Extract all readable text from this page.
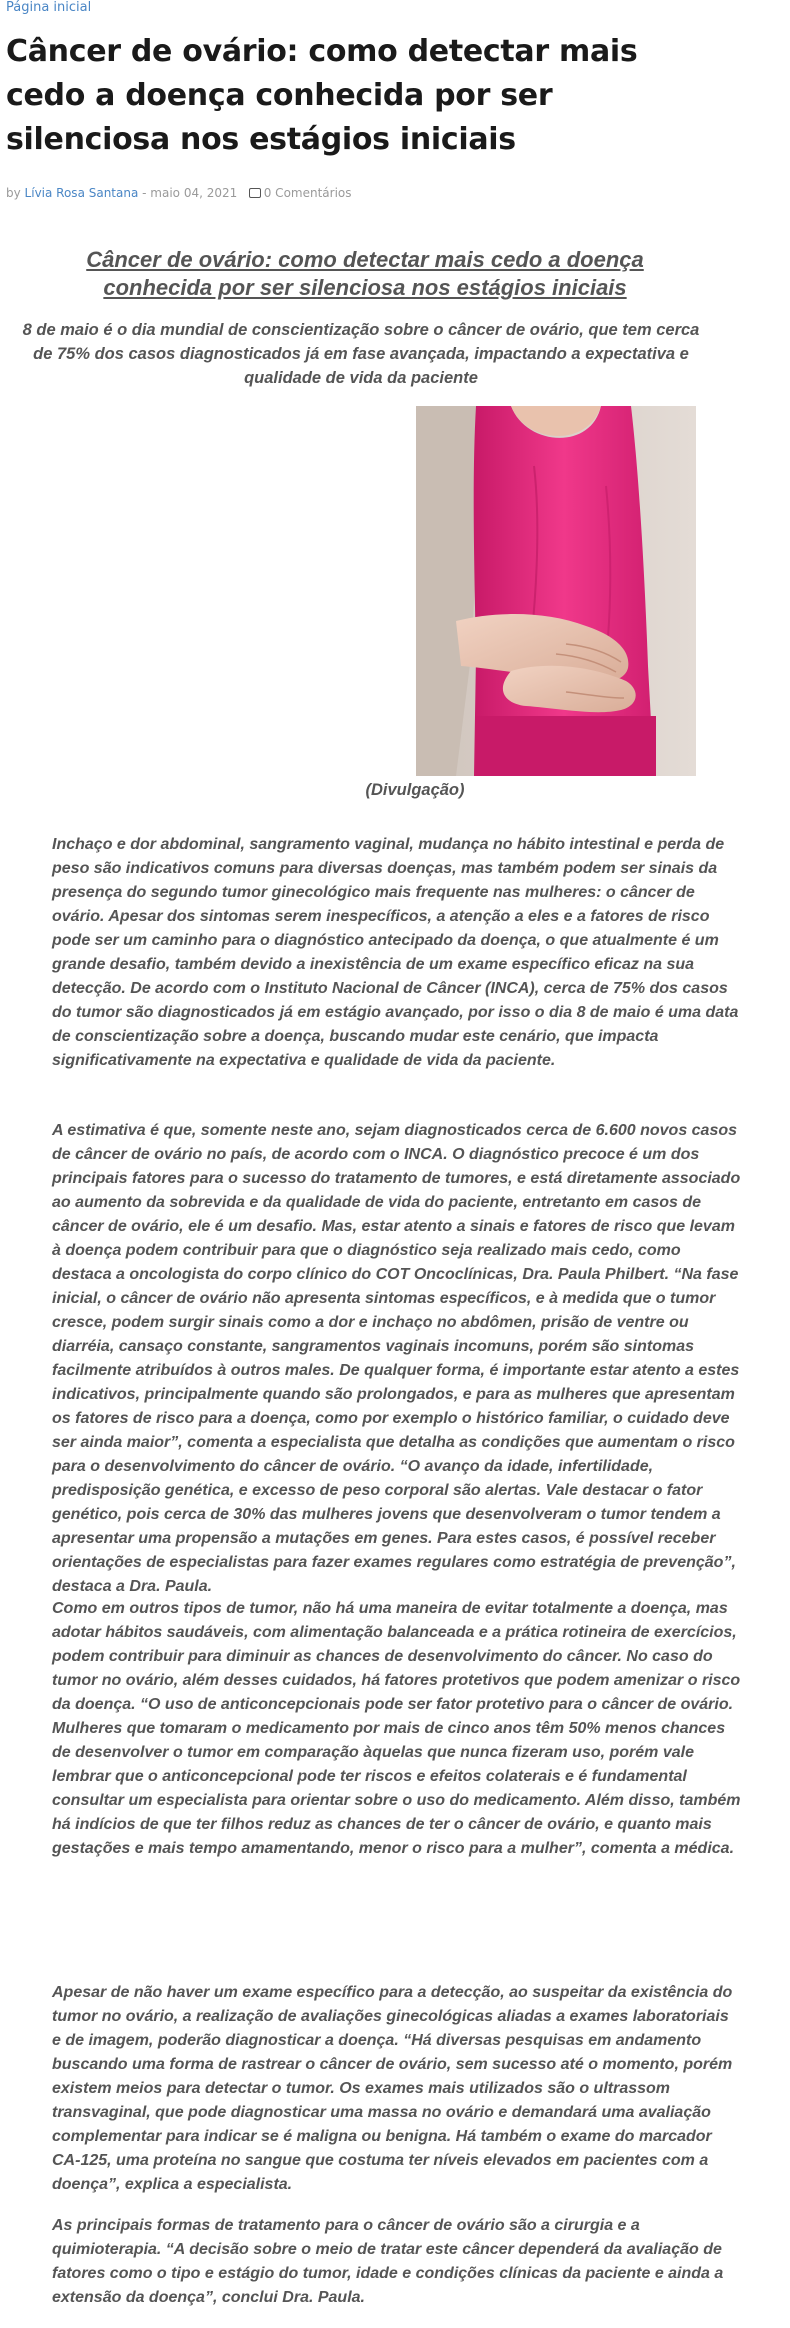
Página inicial
Câncer de ovário: como detectar mais cedo a doença conhecida por ser silenciosa nos estágios iniciais
by Lívia Rosa Santana - maio 04, 2021 0 Comentários
Câncer de ovário: como detectar mais cedo a doença conhecida por ser silenciosa nos estágios iniciais

8 de maio é o dia mundial de conscientização sobre o câncer de ovário, que tem cerca de 75% dos casos diagnosticados já em fase avançada, impactando a expectativa e qualidade de vida da paciente

(Divulgação)

Inchaço e dor abdominal, sangramento vaginal, mudança no hábito intestinal e perda de peso são indicativos comuns para diversas doenças, mas também podem ser sinais da presença do segundo tumor ginecológico mais frequente nas mulheres: o câncer de ovário. Apesar dos sintomas serem inespecíficos, a atenção a eles e a fatores de risco pode ser um caminho para o diagnóstico antecipado da doença, o que atualmente é um grande desafio, também devido a inexistência de um exame específico eficaz na sua detecção. De acordo com o Instituto Nacional de Câncer (INCA), cerca de 75% dos casos do tumor são diagnosticados já em estágio avançado, por isso o dia 8 de maio é uma data de conscientização sobre a doença, buscando mudar este cenário, que impacta significativamente na expectativa e qualidade de vida da paciente.

A estimativa é que, somente neste ano, sejam diagnosticados cerca de 6.600 novos casos de câncer de ovário no país, de acordo com o INCA. O diagnóstico precoce é um dos principais fatores para o sucesso do tratamento de tumores, e está diretamente associado ao aumento da sobrevida e da qualidade de vida do paciente, entretanto em casos de câncer de ovário, ele é um desafio. Mas, estar atento a sinais e fatores de risco que levam à doença podem contribuir para que o diagnóstico seja realizado mais cedo, como destaca a oncologista do corpo clínico do COT Oncoclínicas, Dra. Paula Philbert. “Na fase inicial, o câncer de ovário não apresenta sintomas específicos, e à medida que o tumor cresce, podem surgir sinais como a dor e inchaço no abdômen, prisão de ventre ou diarréia, cansaço constante, sangramentos vaginais incomuns, porém são sintomas facilmente atribuídos à outros males. De qualquer forma, é importante estar atento a estes indicativos, principalmente quando são prolongados, e para as mulheres que apresentam os fatores de risco para a doença, como por exemplo o histórico familiar, o cuidado deve ser ainda maior”, comenta a especialista que detalha as condições que aumentam o risco para o desenvolvimento do câncer de ovário. “O avanço da idade, infertilidade, predisposição genética, e excesso de peso corporal são alertas. Vale destacar o fator genético, pois cerca de 30% das mulheres jovens que desenvolveram o tumor tendem a apresentar uma propensão a mutações em genes. Para estes casos, é possível receber orientações de especialistas para fazer exames regulares como estratégia de prevenção”, destaca a Dra. Paula.

Como em outros tipos de tumor, não há uma maneira de evitar totalmente a doença, mas adotar hábitos saudáveis, com alimentação balanceada e a prática rotineira de exercícios, podem contribuir para diminuir as chances de desenvolvimento do câncer. No caso do tumor no ovário, além desses cuidados, há fatores protetivos que podem amenizar o risco da doença. “O uso de anticoncepcionais pode ser fator protetivo para o câncer de ovário. Mulheres que tomaram o medicamento por mais de cinco anos têm 50% menos chances de desenvolver o tumor em comparação àquelas que nunca fizeram uso, porém vale lembrar que o anticoncepcional pode ter riscos e efeitos colaterais e é fundamental consultar um especialista para orientar sobre o uso do medicamento. Além disso, também há indícios de que ter filhos reduz as chances de ter o câncer de ovário, e quanto mais gestações e mais tempo amamentando, menor o risco para a mulher”, comenta a médica.

Apesar de não haver um exame específico para a detecção, ao suspeitar da existência do tumor no ovário, a realização de avaliações ginecológicas aliadas a exames laboratoriais e de imagem, poderão diagnosticar a doença. “Há diversas pesquisas em andamento buscando uma forma de rastrear o câncer de ovário, sem sucesso até o momento, porém existem meios para detectar o tumor. Os exames mais utilizados são o ultrassom transvaginal, que pode diagnosticar uma massa no ovário e demandará uma avaliação complementar para indicar se é maligna ou benigna. Há também o exame do marcador CA-125, uma proteína no sangue que costuma ter níveis elevados em pacientes com a doença”, explica a especialista.

As principais formas de tratamento para o câncer de ovário são a cirurgia e a quimioterapia. “A decisão sobre o meio de tratar este câncer dependerá da avaliação de fatores como o tipo e estágio do tumor, idade e condições clínicas da paciente e ainda a extensão da doença”, conclui Dra. Paula.
